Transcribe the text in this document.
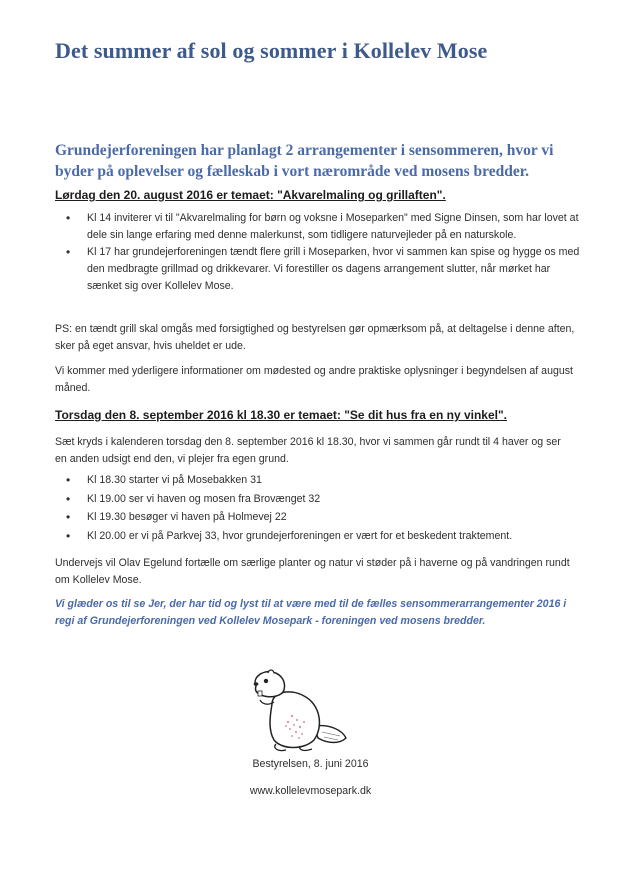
Det summer af sol og sommer i Kollelev Mose

Grundejerforeningen har planlagt 2 arrangementer i sensommeren, hvor vi byder på oplevelser og fælleskab i vort nærområde ved mosens bredder.

Lørdag den 20. august 2016 er temaet: "Akvarelmaling og grillaften".

• Kl 14 inviterer vi til "Akvarelmaling for børn og voksne i Moseparken" med Signe Dinsen, som har lovet at dele sin lange erfaring med denne malerkunst, som tidligere naturvejleder på en naturskole.
• Kl 17 har grundejerforeningen tændt flere grill i Moseparken, hvor vi sammen kan spise og hygge os med den medbragte grillmad og drikkevarer. Vi forestiller os dagens arrangement slutter, når mørket har sænket sig over Kollelev Mose.

PS: en tændt grill skal omgås med forsigtighed og bestyrelsen gør opmærksom på, at deltagelse i denne aften, sker på eget ansvar, hvis uheldet er ude.

Vi kommer med yderligere informationer om mødested og andre praktiske oplysninger i begyndelsen af august måned.

Torsdag den 8. september 2016 kl 18.30 er temaet: "Se dit hus fra en ny vinkel".

Sæt kryds i kalenderen torsdag den 8. september 2016 kl 18.30, hvor vi sammen går rundt til 4 haver og ser en anden udsigt end den, vi plejer fra egen grund.

• Kl 18.30 starter vi på Mosebakken 31
• Kl 19.00 ser vi haven og mosen fra Brovænget 32
• Kl 19.30 besøger vi haven på Holmevej 22
• Kl 20.00 er vi på Parkvej 33, hvor grundejerforeningen er vært for et beskedent traktement.

Undervejs vil Olav Egelund fortælle om særlige planter og natur vi støder på i haverne og på vandringen rundt om Kollelev Mose.

Vi glæder os til se Jer, der har tid og lyst til at være med til de fælles sensommerarrangementer 2016 i regi af Grundejerforeningen ved Kollelev Mosepark - foreningen ved mosens bredder.

Bestyrelsen, 8. juni 2016

www.kollelevmosepark.dk
